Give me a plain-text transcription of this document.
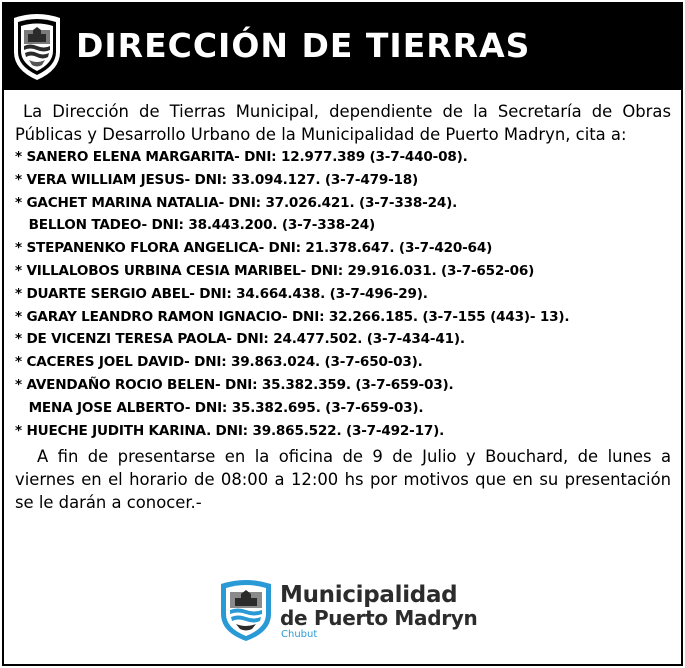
DIRECCIÓN DE TIERRAS

La Dirección de Tierras Municipal, dependiente de la Secretaría de Obras Públicas y Desarrollo Urbano de la Municipalidad de Puerto Madryn, cita a:

* SANERO ELENA MARGARITA- DNI: 12.977.389 (3-7-440-08).
* VERA WILLIAM JESUS- DNI: 33.094.127. (3-7-479-18)
* GACHET MARINA NATALIA- DNI: 37.026.421. (3-7-338-24).
BELLON TADEO- DNI: 38.443.200. (3-7-338-24)
* STEPANENKO FLORA ANGELICA- DNI: 21.378.647. (3-7-420-64)
* VILLALOBOS URBINA CESIA MARIBEL- DNI: 29.916.031. (3-7-652-06)
* DUARTE SERGIO ABEL- DNI: 34.664.438. (3-7-496-29).
* GARAY LEANDRO RAMON IGNACIO- DNI: 32.266.185. (3-7-155 (443)- 13).
* DE VICENZI TERESA PAOLA- DNI: 24.477.502. (3-7-434-41).
* CACERES JOEL DAVID- DNI: 39.863.024. (3-7-650-03).
* AVENDAÑO ROCIO BELEN- DNI: 35.382.359. (3-7-659-03).
MENA JOSE ALBERTO- DNI: 35.382.695. (3-7-659-03).
* HUECHE JUDITH KARINA. DNI: 39.865.522. (3-7-492-17).

A fin de presentarse en la oficina de 9 de Julio y Bouchard, de lunes a viernes en el horario de 08:00 a 12:00 hs por motivos que en su presentación se le darán a conocer.-

Municipalidad
de Puerto Madryn
Chubut
